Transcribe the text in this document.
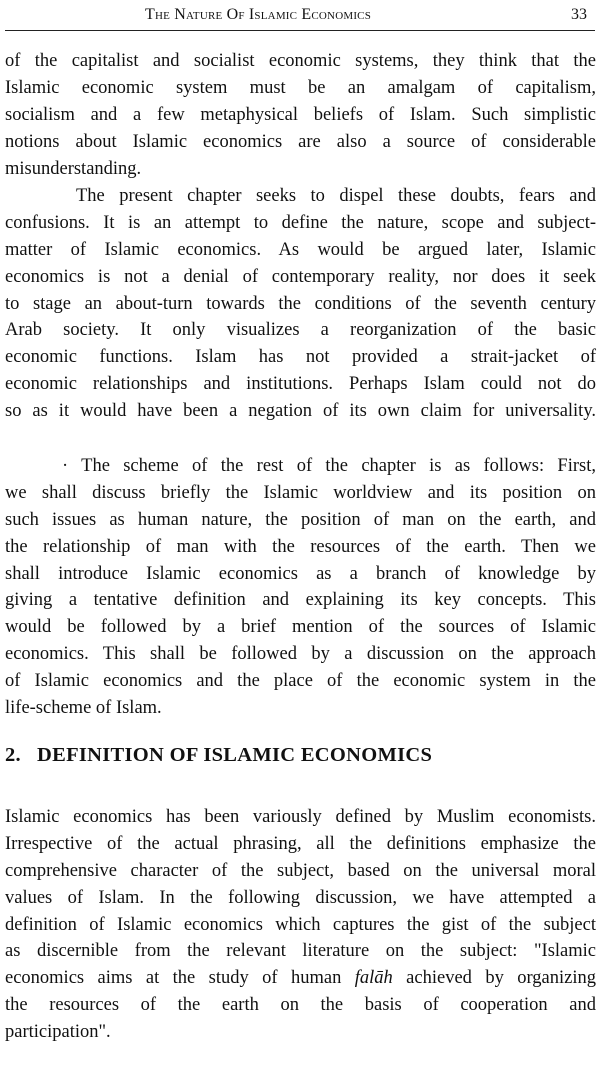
The Nature Of Islamic Economics	33
of the capitalist and socialist economic systems, they think that the
Islamic economic system must be an amalgam of capitalism,
socialism and a few metaphysical beliefs of Islam. Such simplistic
notions about Islamic economics are also a source of considerable
misunderstanding.
The present chapter seeks to dispel these doubts, fears and
confusions. It is an attempt to define the nature, scope and subject-
matter of Islamic economics. As would be argued later, Islamic
economics is not a denial of contemporary reality, nor does it seek
to stage an about-turn towards the conditions of the seventh century
Arab society. It only visualizes a reorganization of the basic
economic functions. Islam has not provided a strait-jacket of
economic relationships and institutions. Perhaps Islam could not do
so as it would have been a negation of its own claim for universality.
· The scheme of the rest of the chapter is as follows: First,
we shall discuss briefly the Islamic worldview and its position on
such issues as human nature, the position of man on the earth, and
the relationship of man with the resources of the earth. Then we
shall introduce Islamic economics as a branch of knowledge by
giving a tentative definition and explaining its key concepts. This
would be followed by a brief mention of the sources of Islamic
economics. This shall be followed by a discussion on the approach
of Islamic economics and the place of the economic system in the
life-scheme of Islam.
2. DEFINITION OF ISLAMIC ECONOMICS
Islamic economics has been variously defined by Muslim economists.
Irrespective of the actual phrasing, all the definitions emphasize the
comprehensive character of the subject, based on the universal moral
values of Islam. In the following discussion, we have attempted a
definition of Islamic economics which captures the gist of the subject
as discernible from the relevant literature on the subject: "Islamic
economics aims at the study of human falāh achieved by organizing
the resources of the earth on the basis of cooperation and
participation".
